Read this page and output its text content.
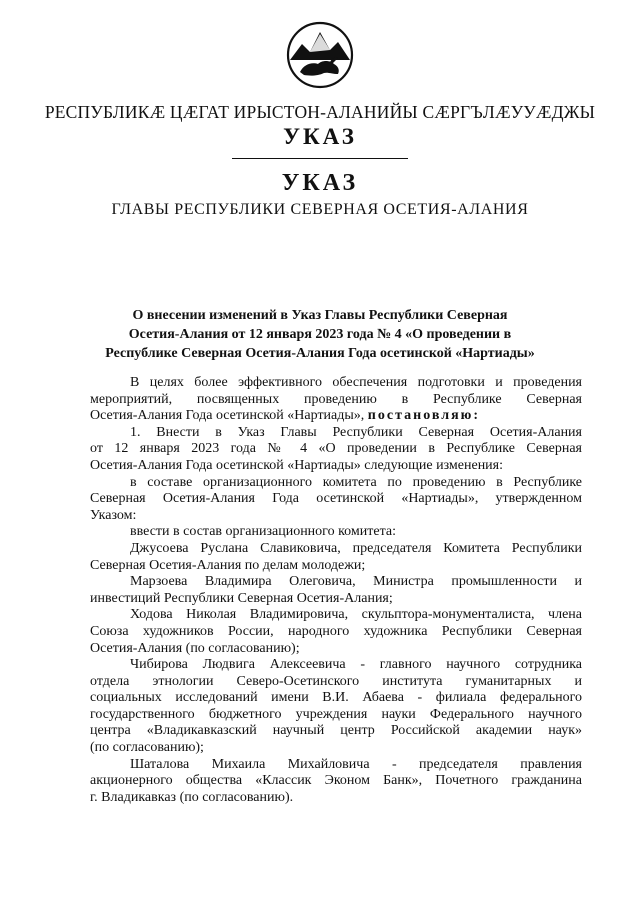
РЕСПУБЛИКӔ ЦӔГАТ ИРЫСТОН-АЛАНИЙЫ СӔРГЪЛӔУУӔДЖЫ
УКАЗ
УКАЗ
ГЛАВЫ РЕСПУБЛИКИ СЕВЕРНАЯ ОСЕТИЯ-АЛАНИЯ
О внесении изменений в Указ Главы Республики Северная
Осетия-Алания от 12 января 2023 года № 4 «О проведении в
Республике Северная Осетия-Алания Года осетинской «Нартиады»
В целях более эффективного обеспечения подготовки и проведения
мероприятий, посвященных проведению в Республике Северная
Осетия-Алания Года осетинской «Нартиады», постановляю:
1. Внести в Указ Главы Республики Северная Осетия-Алания
от 12 января 2023 года № 4 «О проведении в Республике Северная
Осетия-Алания Года осетинской «Нартиады» следующие изменения:
в составе организационного комитета по проведению в Республике
Северная Осетия-Алания Года осетинской «Нартиады», утвержденном
Указом:
ввести в состав организационного комитета:
Джусоева Руслана Славиковича, председателя Комитета Республики
Северная Осетия-Алания по делам молодежи;
Марзоева Владимира Олеговича, Министра промышленности и
инвестиций Республики Северная Осетия-Алания;
Ходова Николая Владимировича, скульптора-монументалиста, члена
Союза художников России, народного художника Республики Северная
Осетия-Алания (по согласованию);
Чибирова Людвига Алексеевича - главного научного сотрудника
отдела этнологии Северо-Осетинского института гуманитарных и
социальных исследований имени В.И. Абаева - филиала федерального
государственного бюджетного учреждения науки Федерального научного
центра «Владикавказский научный центр Российской академии наук»
(по согласованию);
Шаталова Михаила Михайловича - председателя правления
акционерного общества «Классик Эконом Банк», Почетного гражданина
г. Владикавказ (по согласованию).
